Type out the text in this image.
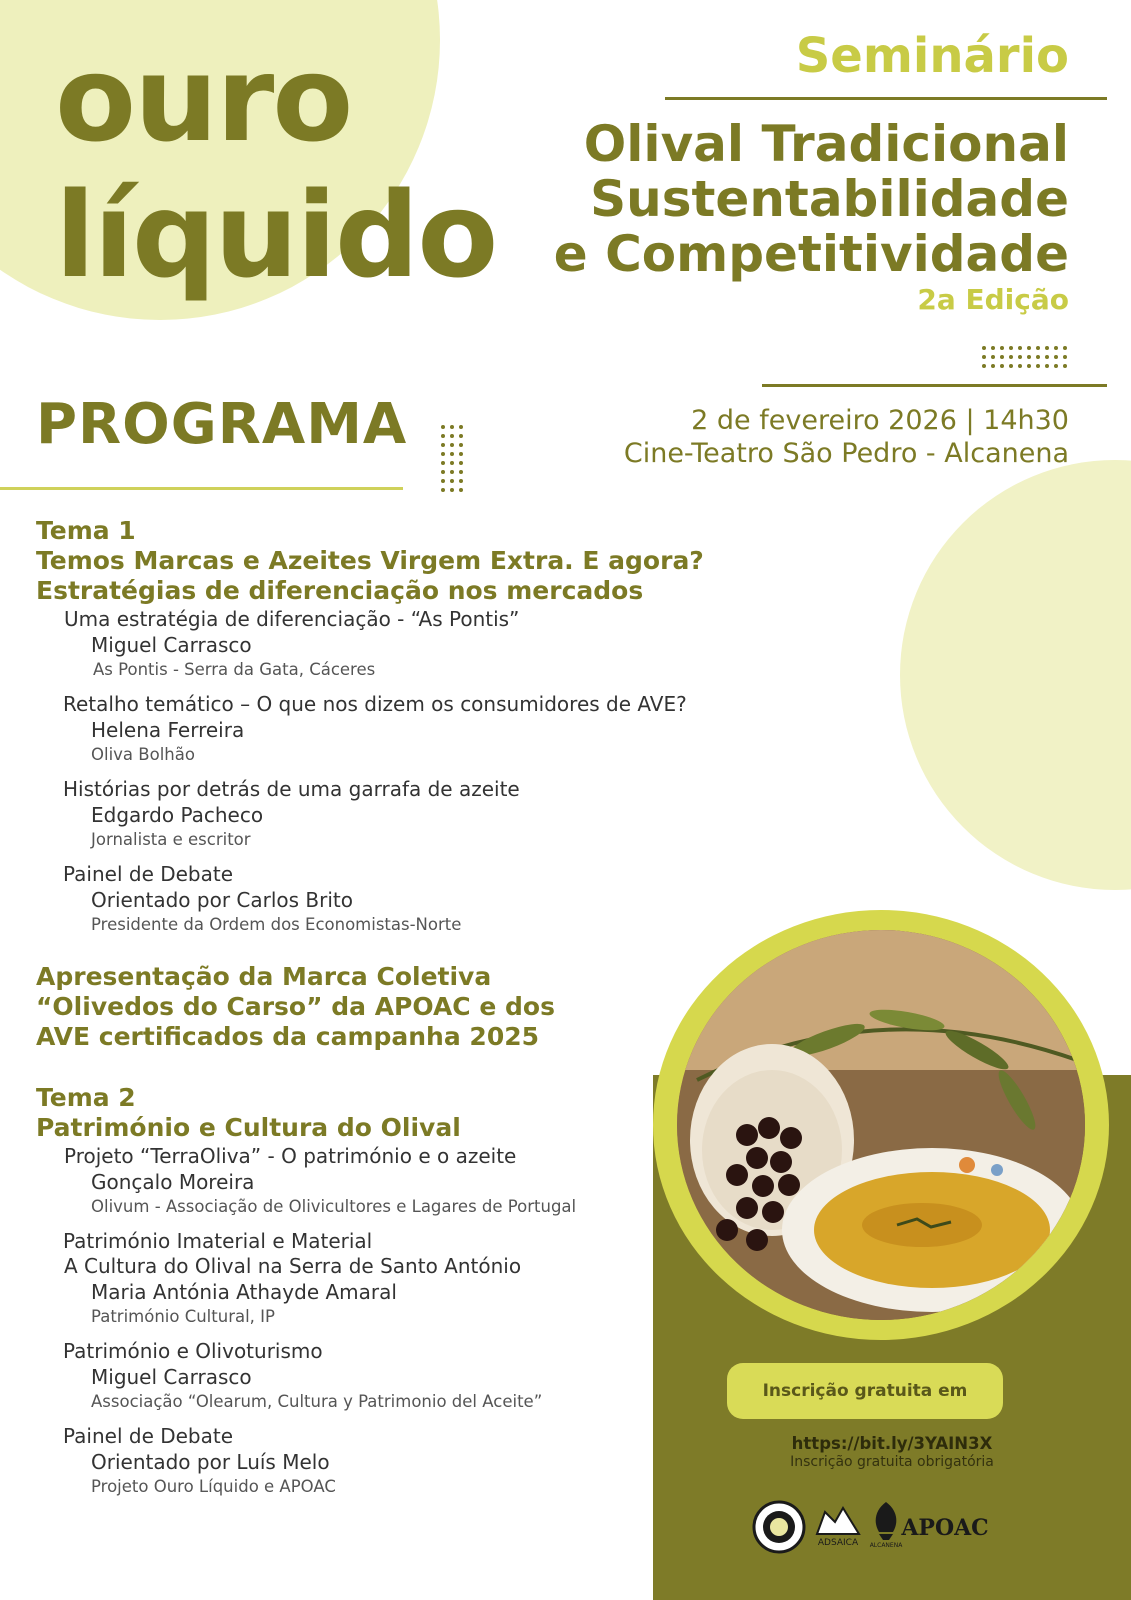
ouro
líquido
Seminário
Olival Tradicional
Sustentabilidade
e Competitividade
2a Edição
2 de fevereiro 2026 | 14h30
Cine-Teatro São Pedro - Alcanena
PROGRAMA
Tema 1
Temos Marcas e Azeites Virgem Extra. E agora?
Estratégias de diferenciação nos mercados
Uma estratégia de diferenciação - “As Pontis”
Miguel Carrasco
As Pontis - Serra da Gata, Cáceres
Retalho temático – O que nos dizem os consumidores de AVE?
Helena Ferreira
Oliva Bolhão
Histórias por detrás de uma garrafa de azeite
Edgardo Pacheco
Jornalista e escritor
Painel de Debate
Orientado por Carlos Brito
Presidente da Ordem dos Economistas-Norte
Apresentação da Marca Coletiva
“Olivedos do Carso” da APOAC e dos
AVE certificados da campanha 2025
Tema 2
Património e Cultura do Olival
Projeto “TerraOliva” - O património e o azeite
Gonçalo Moreira
Olivum - Associação de Olivicultores e Lagares de Portugal
Património Imaterial e Material
A Cultura do Olival na Serra de Santo António
Maria Antónia Athayde Amaral
Património Cultural, IP
Património e Olivoturismo
Miguel Carrasco
Associação “Olearum, Cultura y Patrimonio del Aceite”
Painel de Debate
Orientado por Luís Melo
Projeto Ouro Líquido e APOAC
Inscrição gratuita em
https://bit.ly/3YAIN3X
Inscrição gratuita obrigatória
ADSAICA ALCANENA
APOAC
